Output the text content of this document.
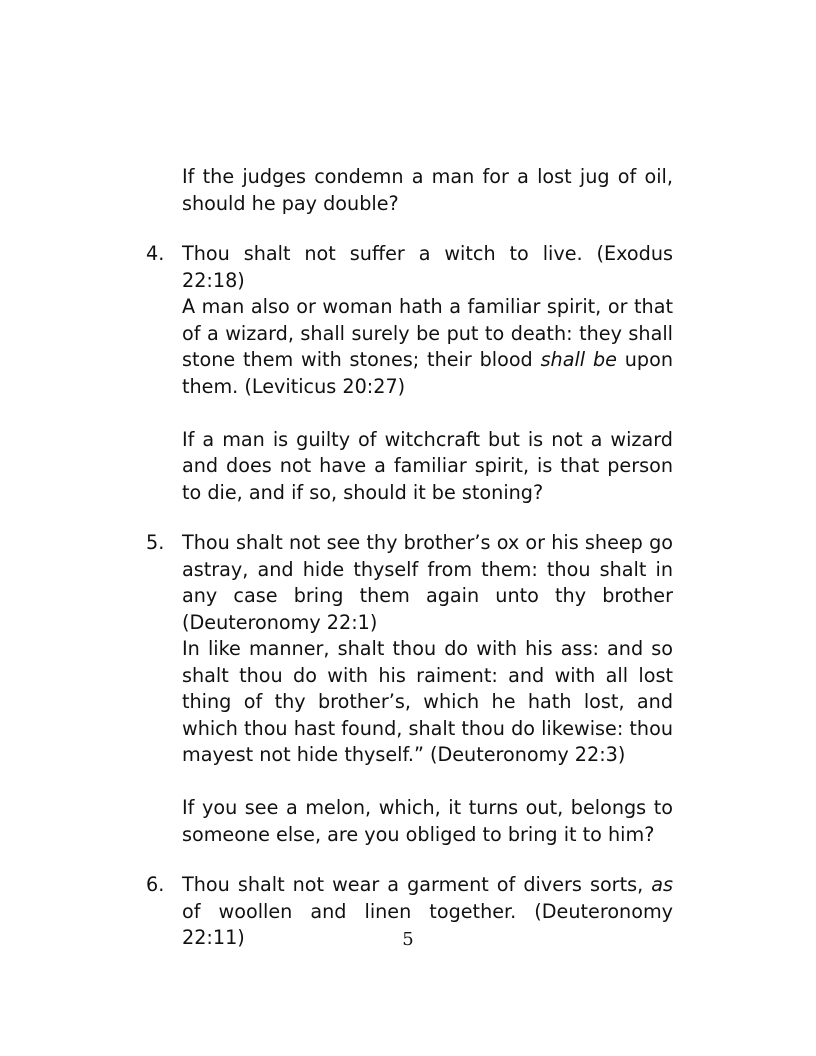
If the judges condemn a man for a lost jug of oil, should he pay double?

4. Thou shalt not suffer a witch to live. (Exodus 22:18)

A man also or woman hath a familiar spirit, or that of a wizard, shall surely be put to death: they shall stone them with stones; their blood shall be upon them. (Leviticus 20:27)

If a man is guilty of witchcraft but is not a wizard and does not have a familiar spirit, is that person to die, and if so, should it be stoning?

5. Thou shalt not see thy brother’s ox or his sheep go astray, and hide thyself from them: thou shalt in any case bring them again unto thy brother (Deuteronomy 22:1)

In like manner, shalt thou do with his ass: and so shalt thou do with his raiment: and with all lost thing of thy brother’s, which he hath lost, and which thou hast found, shalt thou do likewise: thou mayest not hide thyself.” (Deuteronomy 22:3)

If you see a melon, which, it turns out, belongs to someone else, are you obliged to bring it to him?

6. Thou shalt not wear a garment of divers sorts, as of woollen and linen together. (Deuteronomy 22:11)	5
